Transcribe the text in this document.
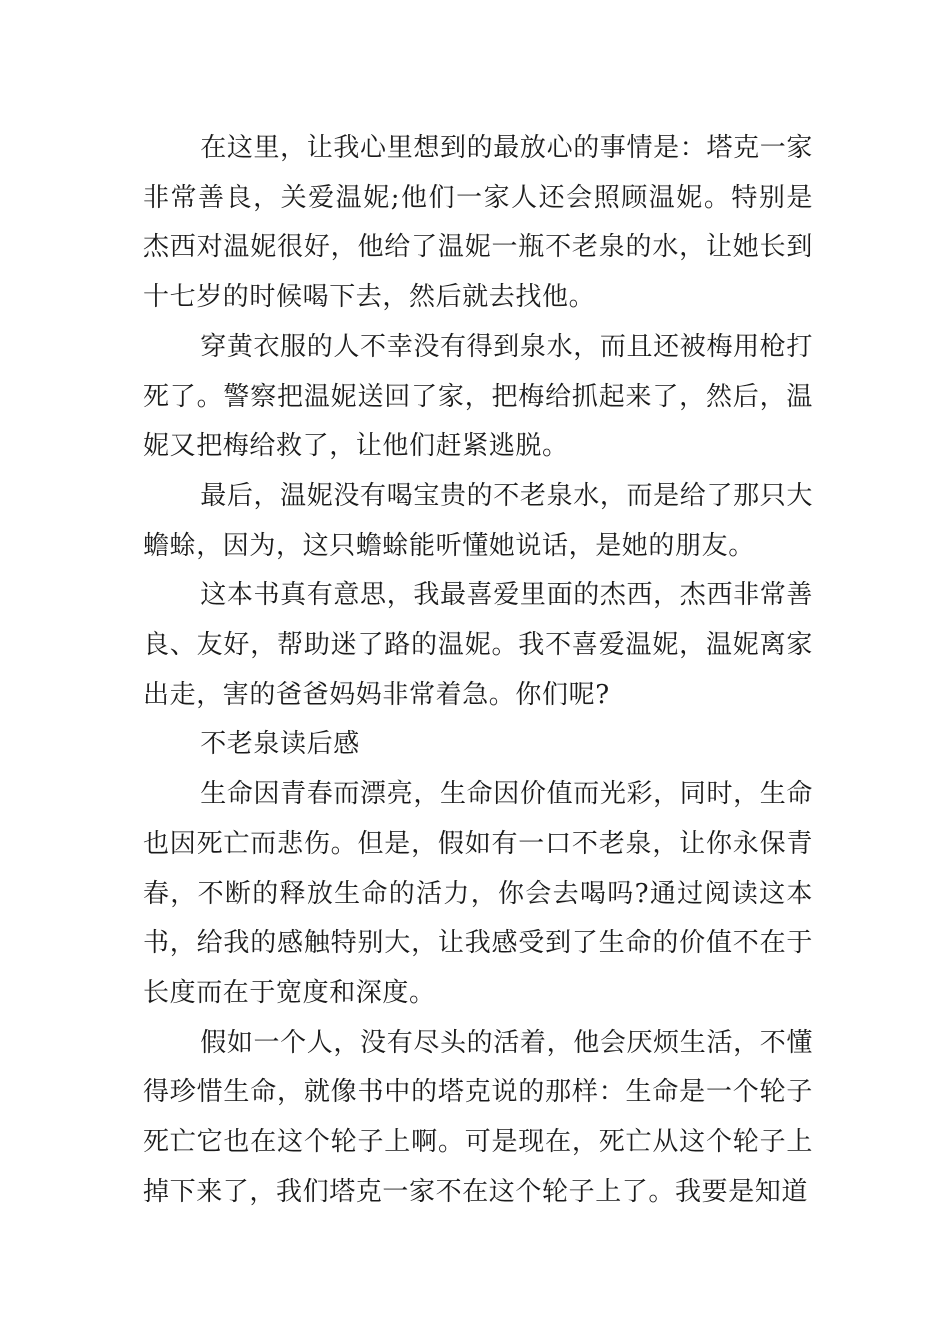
在这里，让我心里想到的最放心的事情是：塔克一家非常善良，关爱温妮;他们一家人还会照顾温妮。特别是杰西对温妮很好，他给了温妮一瓶不老泉的水，让她长到十七岁的时候喝下去，然后就去找他。

穿黄衣服的人不幸没有得到泉水，而且还被梅用枪打死了。警察把温妮送回了家，把梅给抓起来了，然后，温妮又把梅给救了，让他们赶紧逃脱。

最后，温妮没有喝宝贵的不老泉水，而是给了那只大蟾蜍，因为，这只蟾蜍能听懂她说话，是她的朋友。

这本书真有意思，我最喜爱里面的杰西，杰西非常善良、友好，帮助迷了路的温妮。我不喜爱温妮，温妮离家出走，害的爸爸妈妈非常着急。你们呢?

不老泉读后感

生命因青春而漂亮，生命因价值而光彩，同时，生命也因死亡而悲伤。但是，假如有一口不老泉，让你永保青春，不断的释放生命的活力，你会去喝吗?通过阅读这本书，给我的感触特别大，让我感受到了生命的价值不在于长度而在于宽度和深度。

假如一个人，没有尽头的活着，他会厌烦生活，不懂得珍惜生命，就像书中的塔克说的那样：生命是一个轮子死亡它也在这个轮子上啊。可是现在，死亡从这个轮子上掉下来了，我们塔克一家不在这个轮子上了。我要是知道
